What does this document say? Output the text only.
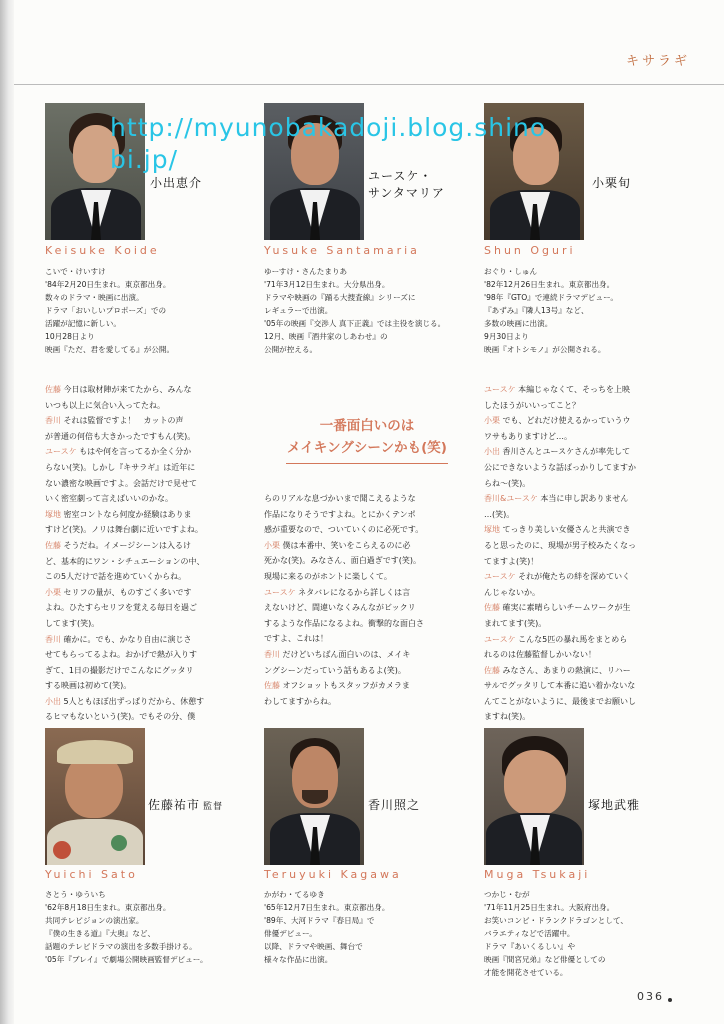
キサラギ
小出恵介
Keisuke Koide
こいで・けいすけ
'84年2月20日生まれ。東京都出身。
数々のドラマ・映画に出演。
ドラマ「おいしいプロポーズ」での
活躍が記憶に新しい。
10月28日より
映画『ただ、君を愛してる』が公開。
ユースケ・
サンタマリア
Yusuke Santamaria
ゆーすけ・さんたまりあ
'71年3月12日生まれ。大分県出身。
ドラマや映画の『踊る大捜査線』シリーズに
レギュラーで出演。
'05年の映画『交渉人 真下正義』では主役を演じる。
12月、映画『酒井家のしあわせ』の
公開が控える。
小栗旬
Shun Oguri
おぐり・しゅん
'82年12月26日生まれ。東京都出身。
'98年『GTO』で連続ドラマデビュー。
『あずみ』『隣人13号』など、
多数の映画に出演。
9月30日より
映画『オトシモノ』が公開される。
http://myunobakadoji.blog.shino
bi.jp/
佐藤 今日は取材陣が来てたから、みんな
いつも以上に気合い入ってたね。
香川 それは監督ですよ！　カットの声
が普通の何倍も大きかったですもん(笑)。
ユースケ もはや何を言ってるか全く分か
らない(笑)。しかし『キサラギ』は近年に
ない濃密な映画ですよ。会話だけで見せて
いく密室劇って言えばいいのかな。
塚地 密室コントなら何度か経験はありま
すけど(笑)。ノリは舞台劇に近いですよね。
佐藤 そうだね。イメージシーンは入るけ
ど、基本的にワン・シチュエーションの中、
この5人だけで話を進めていくからね。
小栗 セリフの量が、ものすごく多いです
よね。ひたすらセリフを覚える毎日を過ご
してます(笑)。
香川 確かに。でも、かなり自由に演じさ
せてもらってるよね。おかげで熱が入りす
ぎて、1日の撮影だけでこんなにグッタリ
する映画は初めて(笑)。
小出 5人ともほぼ出ずっぱりだから、休憩す
るヒマもないという(笑)。でもその分、僕
一番面白いのは
メイキングシーンかも(笑)
らのリアルな息づかいまで聞こえるような
作品になりそうですよね。とにかくテンポ
感が重要なので、ついていくのに必死です。
小栗 僕は本番中、笑いをこらえるのに必
死かな(笑)。みなさん、面白過ぎです(笑)。
現場に来るのがホントに楽しくて。
ユースケ ネタバレになるから詳しくは言
えないけど、間違いなくみんながビックリ
するような作品になるよね。衝撃的な面白さ
ですよ、これは！
香川 だけどいちばん面白いのは、メイキ
ングシーンだっていう話もあるよ(笑)。
佐藤 オフショットもスタッフがカメラま
わしてますからね。
ユースケ 本編じゃなくて、そっちを上映
したほうがいいってこと？
小栗 でも、どれだけ使えるかっていうウ
ワサもありますけど…。
小出 香川さんとユースケさんが率先して
公にできないような話ばっかりしてますか
らね～(笑)。
香川&ユースケ 本当に申し訳ありません
…(笑)。
塚地 てっきり美しい女優さんと共演でき
ると思ったのに、現場が男子校みたくなっ
てますよ(笑)！
ユースケ それが俺たちの絆を深めていく
んじゃないか。
佐藤 確実に素晴らしいチームワークが生
まれてます(笑)。
ユースケ こんな5匹の暴れ馬をまとめら
れるのは佐藤監督しかいない！
佐藤 みなさん、あまりの熱演に、リハー
サルでグッタリして本番に追い着かないな
んてことがないように、最後までお願いし
ますね(笑)。
佐藤祐市 監督
Yuichi Sato
さとう・ゆういち
'62年8月18日生まれ。東京都出身。
共同テレビジョンの演出家。
『僕の生きる道』『大奥』など、
話題のテレビドラマの演出を多数手掛ける。
'05年『ブレイ』で劇場公開映画監督デビュー。
香川照之
Teruyuki Kagawa
かがわ・てるゆき
'65年12月7日生まれ。東京都出身。
'89年、大河ドラマ『春日局』で
俳優デビュー。
以降、ドラマや映画、舞台で
様々な作品に出演。
塚地武雅
Muga Tsukaji
つかじ・むが
'71年11月25日生まれ。大阪府出身。
お笑いコンビ・ドランクドラゴンとして、
バラエティなどで活躍中。
ドラマ『あいくるしい』や
映画『間宮兄弟』など俳優としての
才能を開花させている。
036
